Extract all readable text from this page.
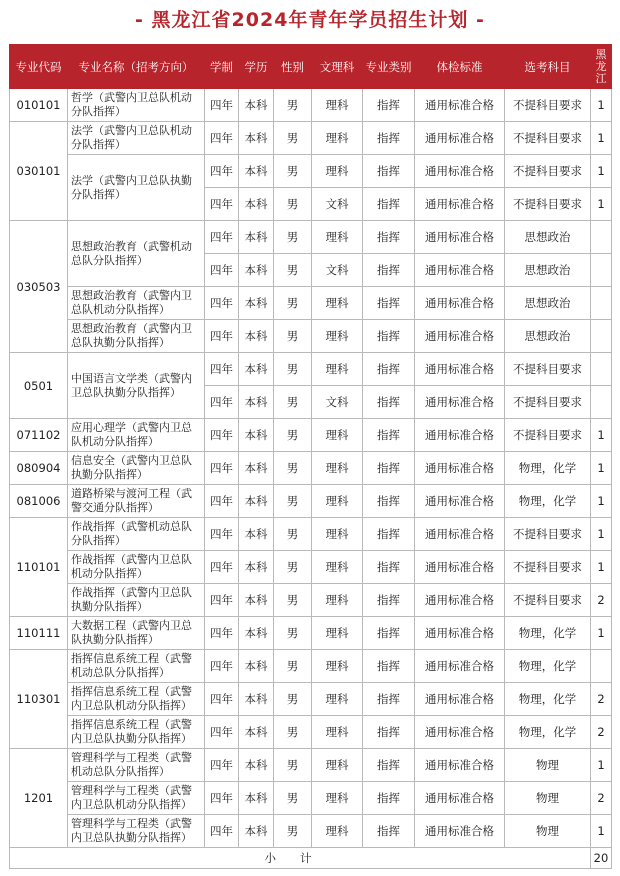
- 黑龙江省2024年青年学员招生计划 -
专业代码	专业名称（招考方向）	学制	学历	性别	文理科	专业类别	体检标准	选考科目	黑龙江
010101	哲学（武警内卫总队机动分队指挥）	四年	本科	男	理科	指挥	通用标准合格	不提科目要求	1
030101	法学（武警内卫总队机动分队指挥）	四年	本科	男	理科	指挥	通用标准合格	不提科目要求	1
	法学（武警内卫总队执勤分队指挥）	四年	本科	男	理科	指挥	通用标准合格	不提科目要求	1
		四年	本科	男	文科	指挥	通用标准合格	不提科目要求	1
030503	思想政治教育（武警机动总队分队指挥）	四年	本科	男	理科	指挥	通用标准合格	思想政治	
		四年	本科	男	文科	指挥	通用标准合格	思想政治	
	思想政治教育（武警内卫总队机动分队指挥）	四年	本科	男	理科	指挥	通用标准合格	思想政治	
	思想政治教育（武警内卫总队执勤分队指挥）	四年	本科	男	理科	指挥	通用标准合格	思想政治	
0501	中国语言文学类（武警内卫总队执勤分队指挥）	四年	本科	男	理科	指挥	通用标准合格	不提科目要求	
		四年	本科	男	文科	指挥	通用标准合格	不提科目要求	
071102	应用心理学（武警内卫总队机动分队指挥）	四年	本科	男	理科	指挥	通用标准合格	不提科目要求	1
080904	信息安全（武警内卫总队执勤分队指挥）	四年	本科	男	理科	指挥	通用标准合格	物理，化学	1
081006	道路桥梁与渡河工程（武警交通分队指挥）	四年	本科	男	理科	指挥	通用标准合格	物理，化学	1
110101	作战指挥（武警机动总队分队指挥）	四年	本科	男	理科	指挥	通用标准合格	不提科目要求	1
	作战指挥（武警内卫总队机动分队指挥）	四年	本科	男	理科	指挥	通用标准合格	不提科目要求	1
	作战指挥（武警内卫总队执勤分队指挥）	四年	本科	男	理科	指挥	通用标准合格	不提科目要求	2
110111	大数据工程（武警内卫总队执勤分队指挥）	四年	本科	男	理科	指挥	通用标准合格	物理，化学	1
110301	指挥信息系统工程（武警机动总队分队指挥）	四年	本科	男	理科	指挥	通用标准合格	物理，化学	
	指挥信息系统工程（武警内卫总队机动分队指挥）	四年	本科	男	理科	指挥	通用标准合格	物理，化学	2
	指挥信息系统工程（武警内卫总队执勤分队指挥）	四年	本科	男	理科	指挥	通用标准合格	物理，化学	2
1201	管理科学与工程类（武警机动总队分队指挥）	四年	本科	男	理科	指挥	通用标准合格	物理	1
	管理科学与工程类（武警内卫总队机动分队指挥）	四年	本科	男	理科	指挥	通用标准合格	物理	2
	管理科学与工程类（武警内卫总队执勤分队指挥）	四年	本科	男	理科	指挥	通用标准合格	物理	1
小计									20
